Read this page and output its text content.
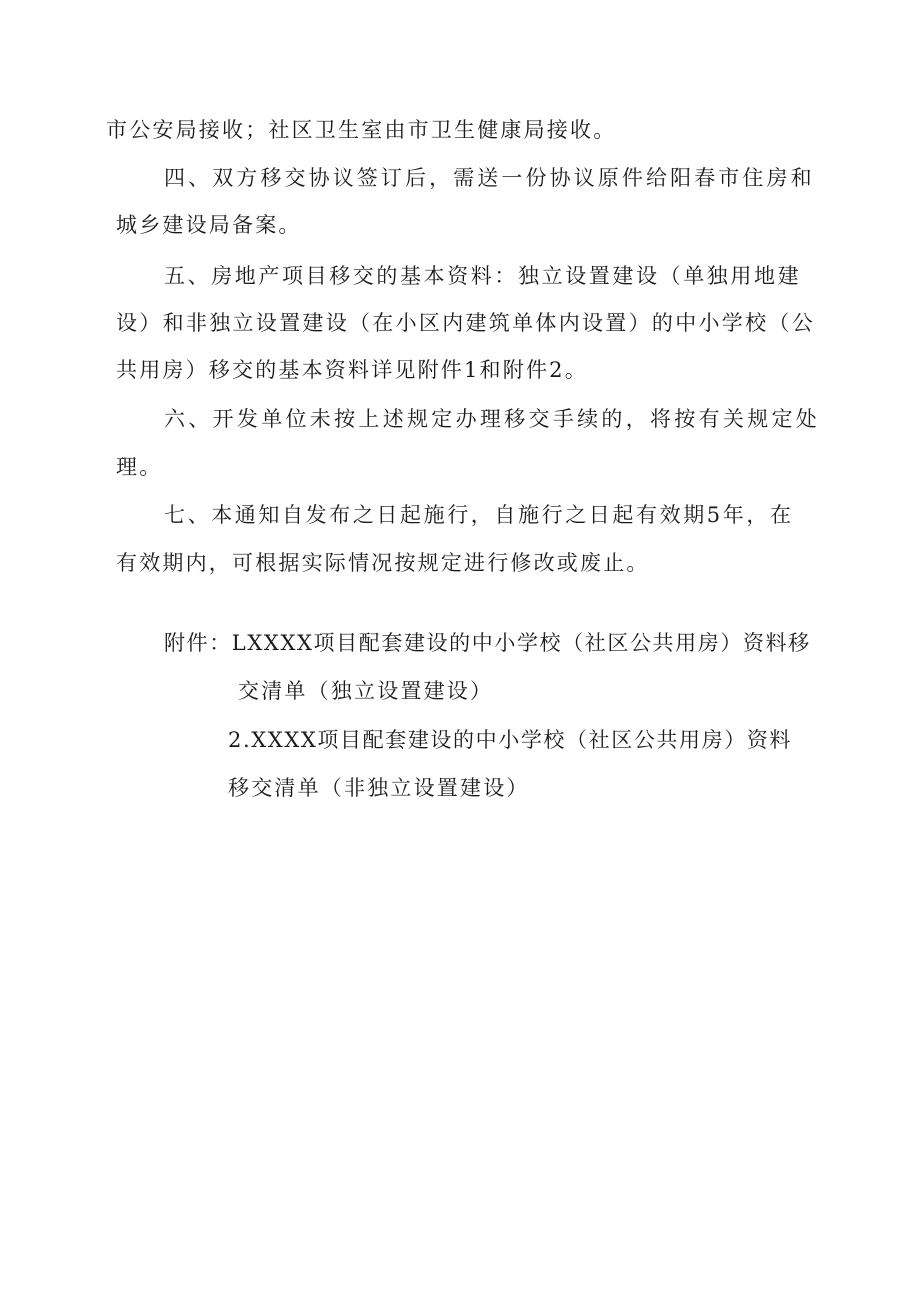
市公安局接收；社区卫生室由市卫生健康局接收。
四、双方移交协议签订后，需送一份协议原件给阳春市住房和
城乡建设局备案。
五、房地产项目移交的基本资料：独立设置建设（单独用地建
设）和非独立设置建设（在小区内建筑单体内设置）的中小学校（公
共用房）移交的基本资料详见附件1和附件2。
六、开发单位未按上述规定办理移交手续的，将按有关规定处
理。
七、本通知自发布之日起施行，自施行之日起有效期5年，在
有效期内，可根据实际情况按规定进行修改或废止。
附件：LXXXX项目配套建设的中小学校（社区公共用房）资料移
交清单（独立设置建设）
2.XXXX项目配套建设的中小学校（社区公共用房）资料
移交清单（非独立设置建设）
